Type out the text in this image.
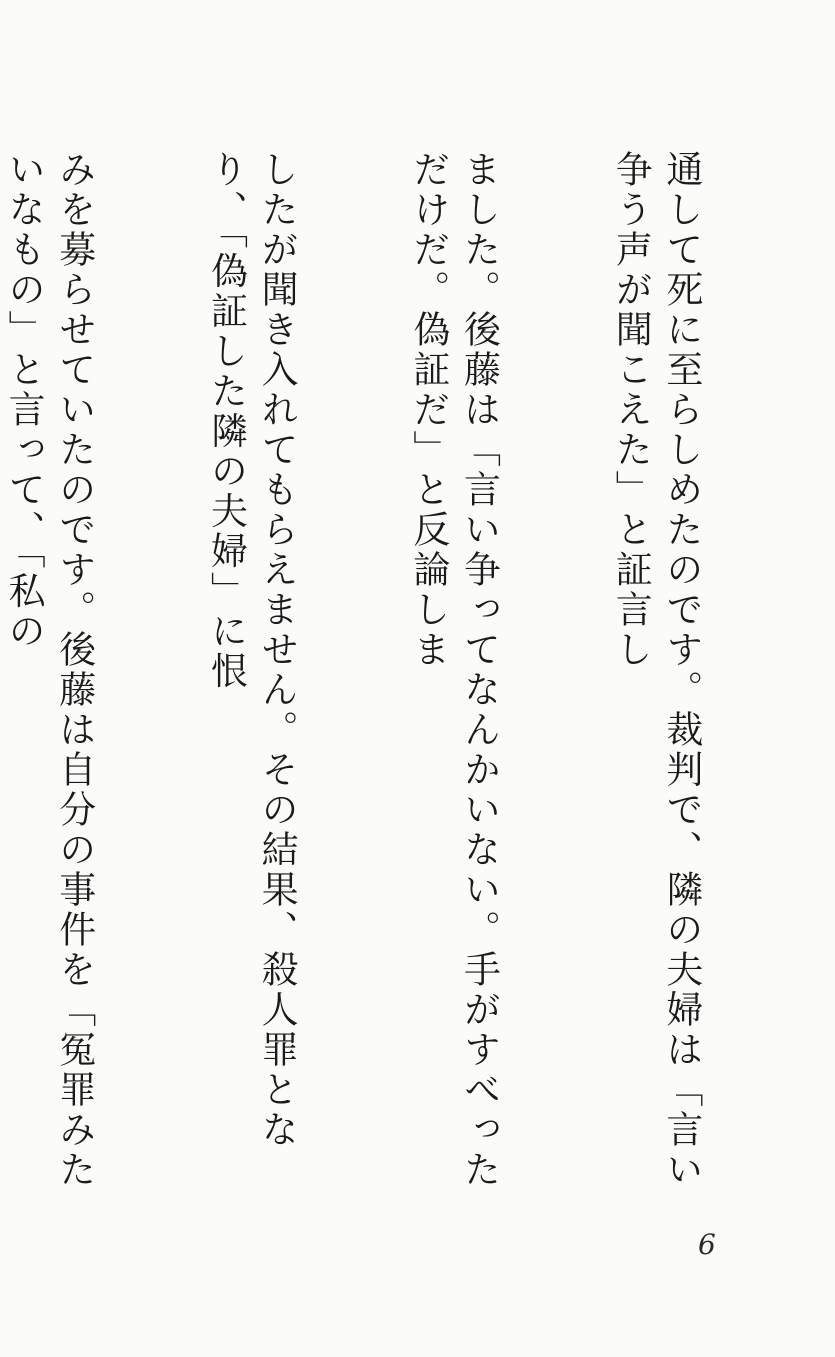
通して死に至らしめたのです。裁判で、隣の夫婦は「言い争う声が聞こえた」と証言し

ました。後藤は「言い争ってなんかいない。手がすべっただけだ。偽証だ」と反論しま

したが聞き入れてもらえません。その結果、殺人罪となり、「偽証した隣の夫婦」に恨

みを募らせていたのです。後藤は自分の事件を「冤罪みたいなもの」と言って、「私の

6
